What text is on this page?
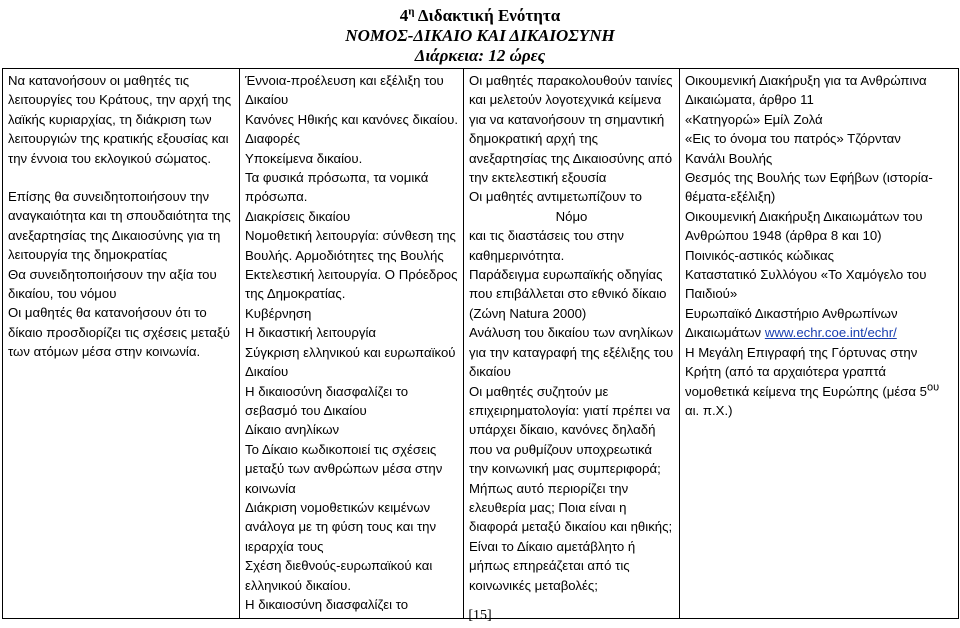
$4^\eta$ Διδακτική Ενότητα
ΝΟΜΟΣ-ΔΙΚΑΙΟ ΚΑΙ ΔΙΚΑΙΟΣΥΝΗ
Διάρκεια: 12 ώρες
Να κατανοήσουν οι μαθητές τις λειτουργίες του Κράτους, την αρχή της λαϊκής κυριαρχίας, τη διάκριση των λειτουργιών της κρατικής εξουσίας και την έννοια του εκλογικού σώματος.
Επίσης θα συνειδητοποιήσουν την αναγκαιότητα και τη σπουδαιότητα της ανεξαρτησίας της Δικαιοσύνης για τη λειτουργία της δημοκρατίας
Θα συνειδητοποιήσουν την αξία του δικαίου, του νόμου
Οι μαθητές θα κατανοήσουν ότι το δίκαιο προσδιορίζει τις σχέσεις μεταξύ των ατόμων μέσα στην κοινωνία.

Έννοια-προέλευση και εξέλιξη του Δικαίου
Κανόνες Ηθικής και κανόνες δικαίου. Διαφορές
Υποκείμενα δικαίου.
Τα φυσικά πρόσωπα, τα νομικά πρόσωπα.
Διακρίσεις δικαίου
Νομοθετική λειτουργία: σύνθεση της Βουλής. Αρμοδιότητες της Βουλής
Εκτελεστική λειτουργία. Ο Πρόεδρος της Δημοκρατίας.
Κυβέρνηση
Η δικαστική λειτουργία
Σύγκριση ελληνικού και ευρωπαϊκού
Δικαίου
Η δικαιοσύνη διασφαλίζει το σεβασμό του Δικαίου
Δίκαιο ανηλίκων
Το Δίκαιο κωδικοποιεί τις σχέσεις μεταξύ των ανθρώπων μέσα στην κοινωνία
Διάκριση νομοθετικών κειμένων ανάλογα με τη φύση τους και την ιεραρχία τους
Σχέση διεθνούς-ευρωπαϊκού και ελληνικού δικαίου.
Η δικαιοσύνη διασφαλίζει το

Οι μαθητές παρακολουθούν ταινίες και μελετούν λογοτεχνικά κείμενα για να κατανοήσουν τη σημαντική δημοκρατική αρχή της ανεξαρτησίας της Δικαιοσύνης από την εκτελεστική εξουσία
Οι μαθητές αντιμετωπίζουν το
Νόμο
και τις διαστάσεις του στην καθημερινότητα.
Παράδειγμα ευρωπαϊκής οδηγίας που επιβάλλεται στο εθνικό δίκαιο (Ζώνη Natura 2000)
Ανάλυση του δικαίου των ανηλίκων για την καταγραφή της εξέλιξης του δικαίου
Οι μαθητές συζητούν με επιχειρηματολογία: γιατί πρέπει να υπάρχει δίκαιο, κανόνες δηλαδή που να ρυθμίζουν υποχρεωτικά την κοινωνική μας συμπεριφορά; Μήπως αυτό περιορίζει την ελευθερία μας; Ποια είναι η διαφορά μεταξύ δικαίου και ηθικής;
Είναι το Δίκαιο αμετάβλητο ή μήπως επηρεάζεται από τις κοινωνικές μεταβολές;

Οικουμενική Διακήρυξη για τα Ανθρώπινα Δικαιώματα, άρθρο 11
«Κατηγορώ» Εμίλ Ζολά
«Εις το όνομα του πατρός» Τζόρνταν
Κανάλι Βουλής
Θεσμός της Βουλής των Εφήβων (ιστορία-θέματα-εξέλιξη)
Οικουμενική Διακήρυξη Δικαιωμάτων του Ανθρώπου 1948 (άρθρα 8 και 10)
Ποινικός-αστικός κώδικας
Καταστατικό Συλλόγου «Το Χαμόγελο του Παιδιού»
Ευρωπαϊκό Δικαστήριο Ανθρωπίνων Δικαιωμάτων www.echr.coe.int/echr/
Η Μεγάλη Επιγραφή της Γόρτυνας στην Κρήτη (από τα αρχαιότερα γραπτά νομοθετικά κείμενα της Ευρώπης (μέσα $5^{o\upsilon}$ αι. π.Χ.)
[15]
